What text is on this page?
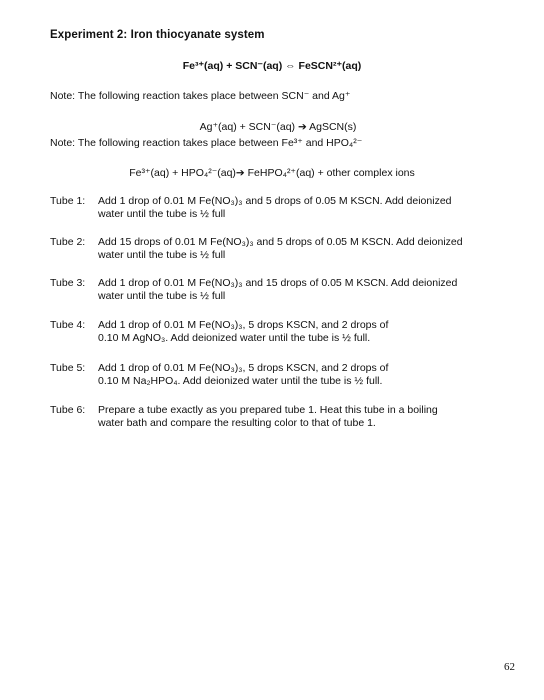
Experiment 2: Iron thiocyanate system
Fe³⁺(aq) + SCN⁻(aq) ⇔ FeSCN²⁺(aq)
Note: The following reaction takes place between SCN⁻ and Ag⁺
Ag⁺(aq) + SCN⁻(aq) ➔ AgSCN(s)
Note: The following reaction takes place between Fe³⁺ and HPO₄²⁻
Fe³⁺(aq) + HPO₄²⁻(aq)➔ FeHPO₄²⁺(aq) + other complex ions
Tube 1: Add 1 drop of 0.01 M Fe(NO₃)₃ and 5 drops of 0.05 M KSCN. Add deionized
water until the tube is ½ full
Tube 2: Add 15 drops of 0.01 M Fe(NO₃)₃ and 5 drops of 0.05 M KSCN. Add deionized
water until the tube is ½ full
Tube 3: Add 1 drop of 0.01 M Fe(NO₃)₃ and 15 drops of 0.05 M KSCN. Add deionized
water until the tube is ½ full
Tube 4: Add 1 drop of 0.01 M Fe(NO₃)₃, 5 drops KSCN, and 2 drops of
0.10 M AgNO₃. Add deionized water until the tube is ½ full.
Tube 5: Add 1 drop of 0.01 M Fe(NO₃)₃, 5 drops KSCN, and 2 drops of
0.10 M Na₂HPO₄. Add deionized water until the tube is ½ full.
Tube 6: Prepare a tube exactly as you prepared tube 1. Heat this tube in a boiling
water bath and compare the resulting color to that of tube 1.
62
